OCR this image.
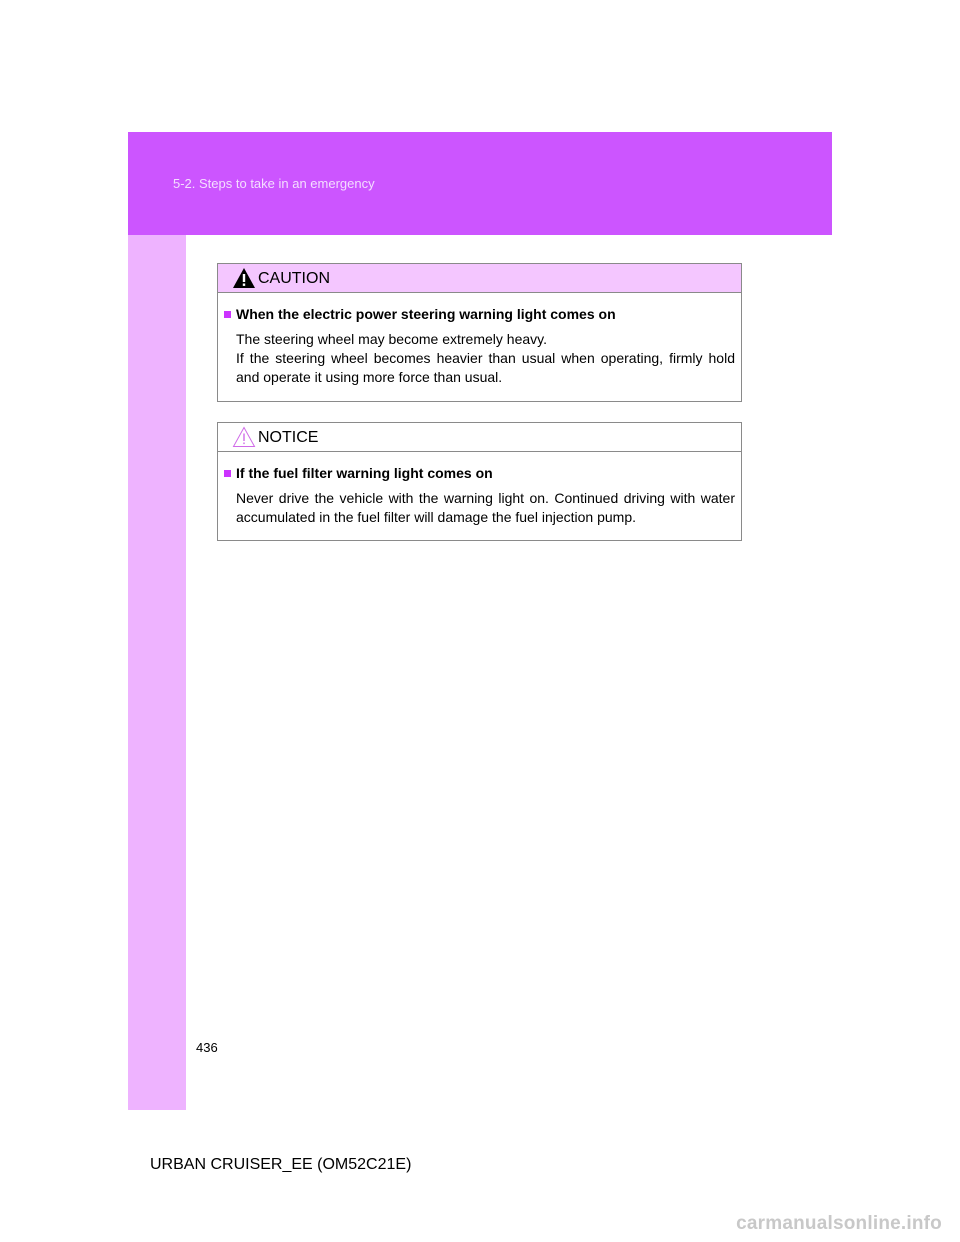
5-2. Steps to take in an emergency
CAUTION
When the electric power steering warning light comes on
The steering wheel may become extremely heavy.
If the steering wheel becomes heavier than usual when operating, firmly hold and operate it using more force than usual.
NOTICE
If the fuel filter warning light comes on
Never drive the vehicle with the warning light on. Continued driving with water accumulated in the fuel filter will damage the fuel injection pump.
436
URBAN CRUISER_EE (OM52C21E)
carmanualsonline.info
